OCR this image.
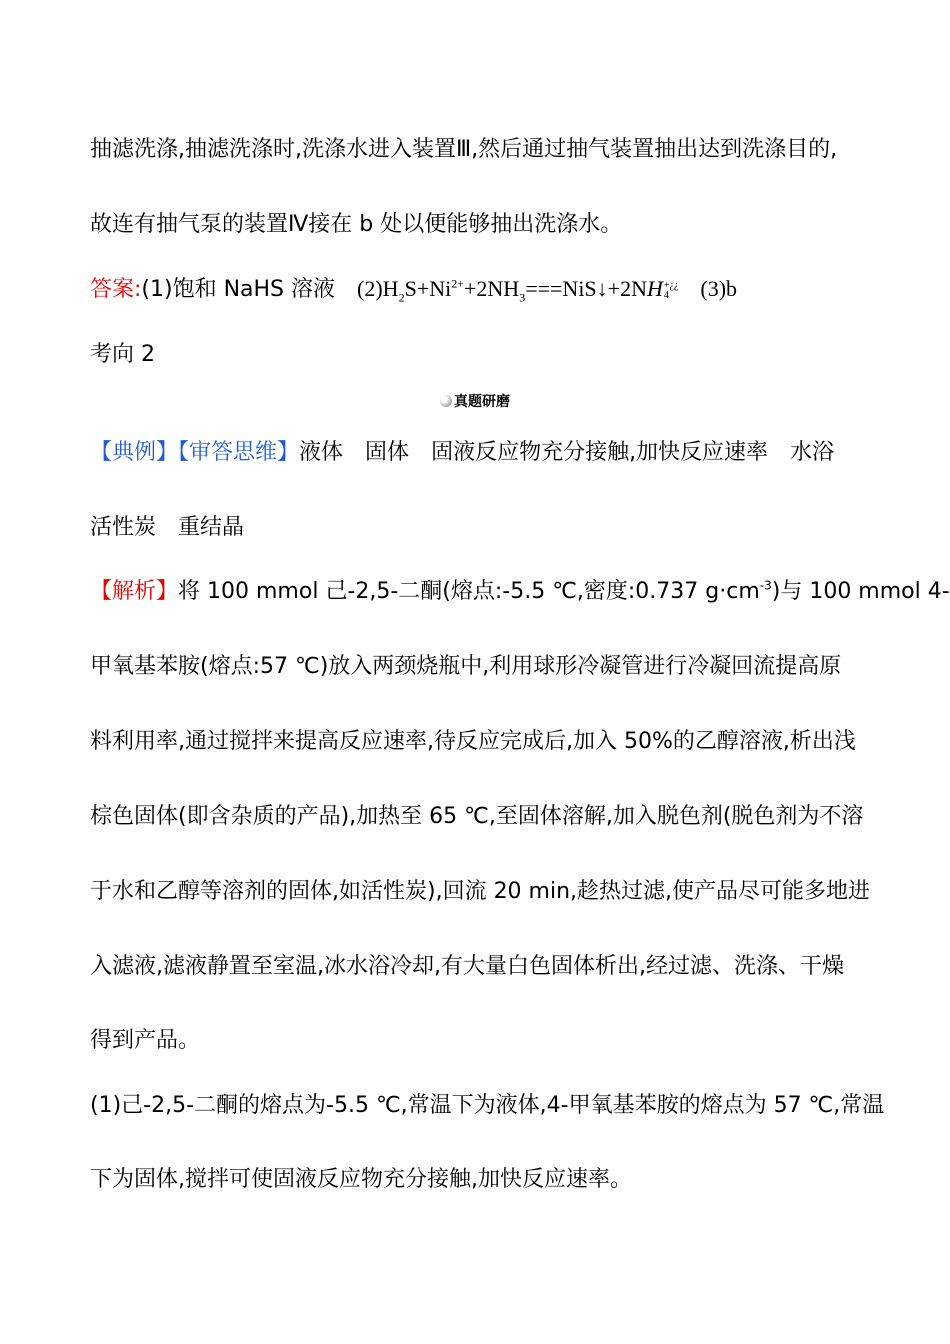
抽滤洗涤,抽滤洗涤时,洗涤水进入装置Ⅲ,然后通过抽气装置抽出达到洗涤目的,
故连有抽气泵的装置Ⅳ接在 b 处以便能够抽出洗涤水。
答案:(1)饱和 NaHS 溶液 $(2)H_2S+Ni^{2+}+2NH_3===NiS↓+2NH$ +¿¿
4	(3)b
考向 2
真题研磨
【典例】【审答思维】液体 固体 固液反应物充分接触,加快反应速率 水浴
活性炭 重结晶
【解析】将 100 mmol 己-2,5-二酮(熔点:-5.5 ℃,密度:0.737 $g\cdot cm^{-3}$)与 100 mmol 4-
甲氧基苯胺(熔点:57 ℃)放入两颈烧瓶中,利用球形冷凝管进行冷凝回流提高原
料利用率,通过搅拌来提高反应速率,待反应完成后,加入 50%的乙醇溶液,析出浅
棕色固体(即含杂质的产品),加热至 65 ℃,至固体溶解,加入脱色剂(脱色剂为不溶
于水和乙醇等溶剂的固体,如活性炭),回流 20 min,趁热过滤,使产品尽可能多地进
入滤液,滤液静置至室温,冰水浴冷却,有大量白色固体析出,经过滤、洗涤、干燥
得到产品。
(1)己-2,5-二酮的熔点为-5.5 ℃,常温下为液体,4-甲氧基苯胺的熔点为 57 ℃,常温
下为固体,搅拌可使固液反应物充分接触,加快反应速率。
